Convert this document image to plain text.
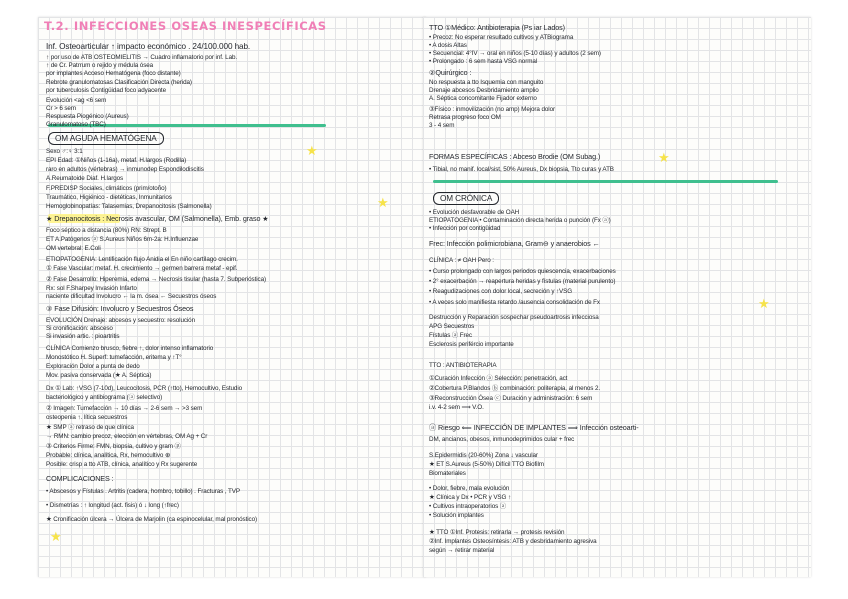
T.2. INFECCIONES OSEAS INESPECÍFICAS
★
★
★
Inf. Osteoarticular ↑ impacto económico . 24/100.000 hab.
↑ por uso de ATB OSTEOMIELITIS → Cuadro inflamatorio por inf. Lab.
↑ de Cr. Patrrum o rejido y médula ósea
por implantes Acceso Hematógena (foco distante)
Rebrote granulomatosas Clasificación Directa (herida)
por tuberculosis Contigüidad foco adyacente
Evolución <ag <6 sem
Cr > 6 sem
Respuesta Piogénico (Aureus)
Granulomatoso (TBC)
OM AGUDA HEMATÓGENA
Sexo ♂:♀ 3:1
EPI Edad: ①Niños (1-16a), metaf. H.largos (Rodilla)
raro en adultos (vértebras) → inmunodep Espondilodiscitis
A.Reumatoide Diaf. H.largos
F.PREDISP Sociales, climáticos (prim/otoño)
Traumático, Higiénico - dietéticas, Inmunitarios
Hemoglobinopatías: Talasemias, Drepanocitosis (Salmonella)
★ Drepanocitosis : Necrosis avascular, OM (Salmonella), Emb. graso ★
Foco séptico a distancia (80%) RN: Strept. B
ET A.Patógenos ⓐ S.Aureus Niños 6m-2a: H.Influenzae
OM vertebral: E.Coli
ETIOPATOGENIA: Lentificación flujo Anidia el En niño cartílago crecim.
① Fase Vascular: metaf. H. crecimiento → germen barrera metaf - epif.
② Fase Desarrollo: Hiperemia, edema → Necrosis tisular (hasta 7. Subperióstica)
Rx: sol F.Sharpey Invasión Infarto
naciente dificultad Involucro ← la m. ósea ← Secuestros óseos
③ Fase Difusión: Involucro y Secuestros Óseos
EVOLUCIÓN Drenaje: abcesos y secuestro: resolución
Si cronificación: absceso
Si invasión artic. : pioartritis
CLÍNICA Comienzo brusco, fiebre ↑, dolor intenso inflamatorio
Monostótico H. Superf: tumefacción, eritema y ↑T°
Exploración Dolor a punta de dedo
Mov. pasiva conservada (★ A. Séptica)
Dx ① Lab: ↑VSG (7-10d), Leucocitosis, PCR (↑tto), Hemocultivo, Estudio
bacteriológico y antibiograma (ⓐ selectivo)
② Imagen: Tumefacción → 10 días → 2-6 sem → >3 sem
osteopenia ↑. lítica secuestros
★ SMP ⓐ retraso de que clínica
→ RMN: cambio precoz, elección en vértebras, OM Ag + Cr
③ Criterios Firme: FMN, biopsia, cultivo y gram ⓟ
Probable: clínica, analítica, Rx, hemocultivo ⊕
Posible: crisp a tto ATB, clínica, analítico y Rx sugerente
COMPLICACIONES :
• Abscesos y Fístulas . Artritis (cadera, hombro, tobillo) . Fracturas , TVP
• Dismetrías : ↑ longitud (act. fisis) ó ↓ long (↑frec)
★ Cronificación úlcera → Úlcera de Marjolin (ca espinocelular, mal pronóstico)
★
★
TTO ①Médico: Antibioterapia (Ps iar Lados)
• Precoz: No esperar resultado cultivos y ATBiograma
• A dosis Altas
• Secuencial: 4°IV → oral en niños (5-10 días) y adultos (2 sem)
• Prolongado : 6 sem hasta VSG normal
②Quirúrgico :
No respuesta a tto Isquemia con manguito
Drenaje abcesos Desbridamiento amplio
A. Séptica concomitante Fijador externo
③Físico : inmovilización (no amp) Mejora dolor
Retrasa progreso foco OM
3 - 4 sem
FORMAS ESPECÍFICAS : Abceso Brodie (OM Subag.)
• Tibial, no manif. local/sist, 50% Aureus, Dx biopsia, Tto curas y ATB
OM CRÓNICA
• Evolución desfavorable de OAH
ETIOPATOGENIA • Contaminación directa herida o punción (Fx ⓐ)
• Infección por contigüidad
Frec: Infección polimicrobiana, Gram⊖ y anaerobios ←
CLÍNICA : ≠ OAH Pero :
• Curso prolongado con largos periodos quiescencia, exacerbaciones
• 2° exacerbación → reapertura heridas y fístulas (material purulento)
• Reagudizaciones con dolor local, secreción y ↑VSG
• A veces solo manifiesta retardo /ausencia consolidación de Fx
Destrucción y Reparación sospechar pseudoartrosis infecciosa
APG Secuestros
Fístulas ⓐ Frec
Esclerosis perifércio importante
TTO : ANTIBIOTERAPIA
①Curación Infección ⓐ Selección: penetración, act
②Cobertura P.Blandos ⓑ combinación: politerapia, al menos 2.
③Reconstrucción Ósea ⓒ Duración y administración: 6 sem
i.v. 4-2 sem ⟹ V.O.
ⓐ Riesgo ⟸ INFECCIÓN DE IMPLANTES ⟹ Infección osteoarti-
DM, ancianos, obesos, inmunodeprimidos cular + frec
S.Epidermidis (20-60%) Zona ↓ vascular
★ ET S.Aureus (5-50%) Difícil TTO Biofilm
Biomateriales
• Dolor, fiebre, mala evolución
★ Clínica y Dx • PCR y VSG ↑
• Cultivos intraoperatorios ⓐ
• Solución implantes
★ TTO ①Inf. Protesis: retirarla → protesis revisión
②Inf. Implantes Osteosíntesis: ATB y desbridamiento agresiva
según → retirar material
